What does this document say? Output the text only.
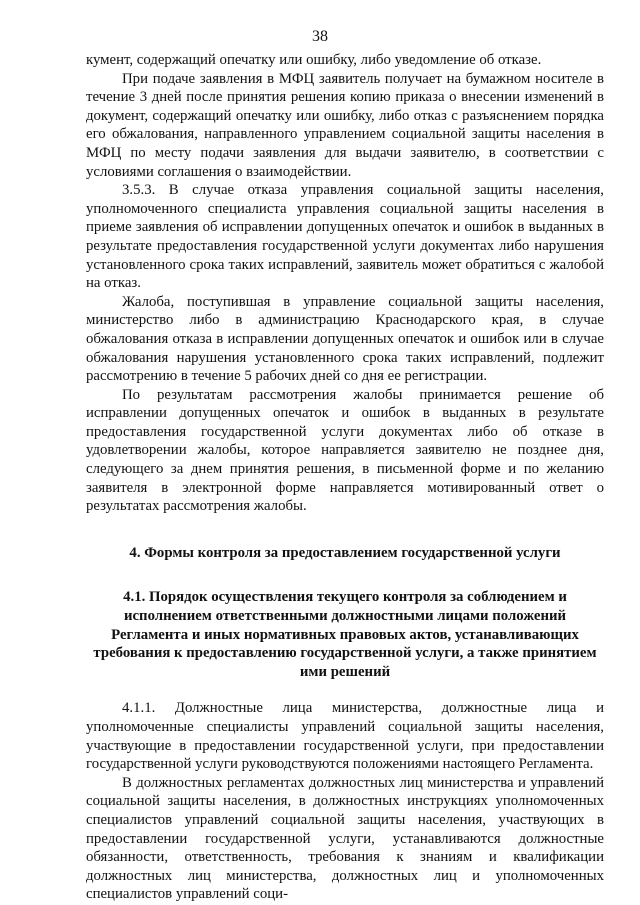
38

кумент, содержащий опечатку или ошибку, либо уведомление об отказе.

При подаче заявления в МФЦ заявитель получает на бумажном носителе в течение 3 дней после принятия решения копию приказа о внесении изменений в документ, содержащий опечатку или ошибку, либо отказ с разъяснением порядка его обжалования, направленного управлением социальной защиты населения в МФЦ по месту подачи заявления для выдачи заявителю, в соответствии с условиями соглашения о взаимодействии.

3.5.3. В случае отказа управления социальной защиты населения, уполномоченного специалиста управления социальной защиты населения в приеме заявления об исправлении допущенных опечаток и ошибок в выданных в результате предоставления государственной услуги документах либо нарушения установленного срока таких исправлений, заявитель может обратиться с жалобой на отказ.

Жалоба, поступившая в управление социальной защиты населения, министерство либо в администрацию Краснодарского края, в случае обжалования отказа в исправлении допущенных опечаток и ошибок или в случае обжалования нарушения установленного срока таких исправлений, подлежит рассмотрению в течение 5 рабочих дней со дня ее регистрации.

По результатам рассмотрения жалобы принимается решение об исправлении допущенных опечаток и ошибок в выданных в результате предоставления государственной услуги документах либо об отказе в удовлетворении жалобы, которое направляется заявителю не позднее дня, следующего за днем принятия решения, в письменной форме и по желанию заявителя в электронной форме направляется мотивированный ответ о результатах рассмотрения жалобы.

4. Формы контроля за предоставлением государственной услуги
4.1. Порядок осуществления текущего контроля за соблюдением и исполнением ответственными должностными лицами положений Регламента и иных нормативных правовых актов, устанавливающих требования к предоставлению государственной услуги, а также принятием ими решений

4.1.1. Должностные лица министерства, должностные лица и уполномоченные специалисты управлений социальной защиты населения, участвующие в предоставлении государственной услуги, при предоставлении государственной услуги руководствуются положениями настоящего Регламента.

В должностных регламентах должностных лиц министерства и управлений социальной защиты населения, в должностных инструкциях уполномоченных специалистов управлений социальной защиты населения, участвующих в предоставлении государственной услуги, устанавливаются должностные обязанности, ответственность, требования к знаниям и квалификации должностных лиц министерства, должностных лиц и уполномоченных специалистов управлений соци-
